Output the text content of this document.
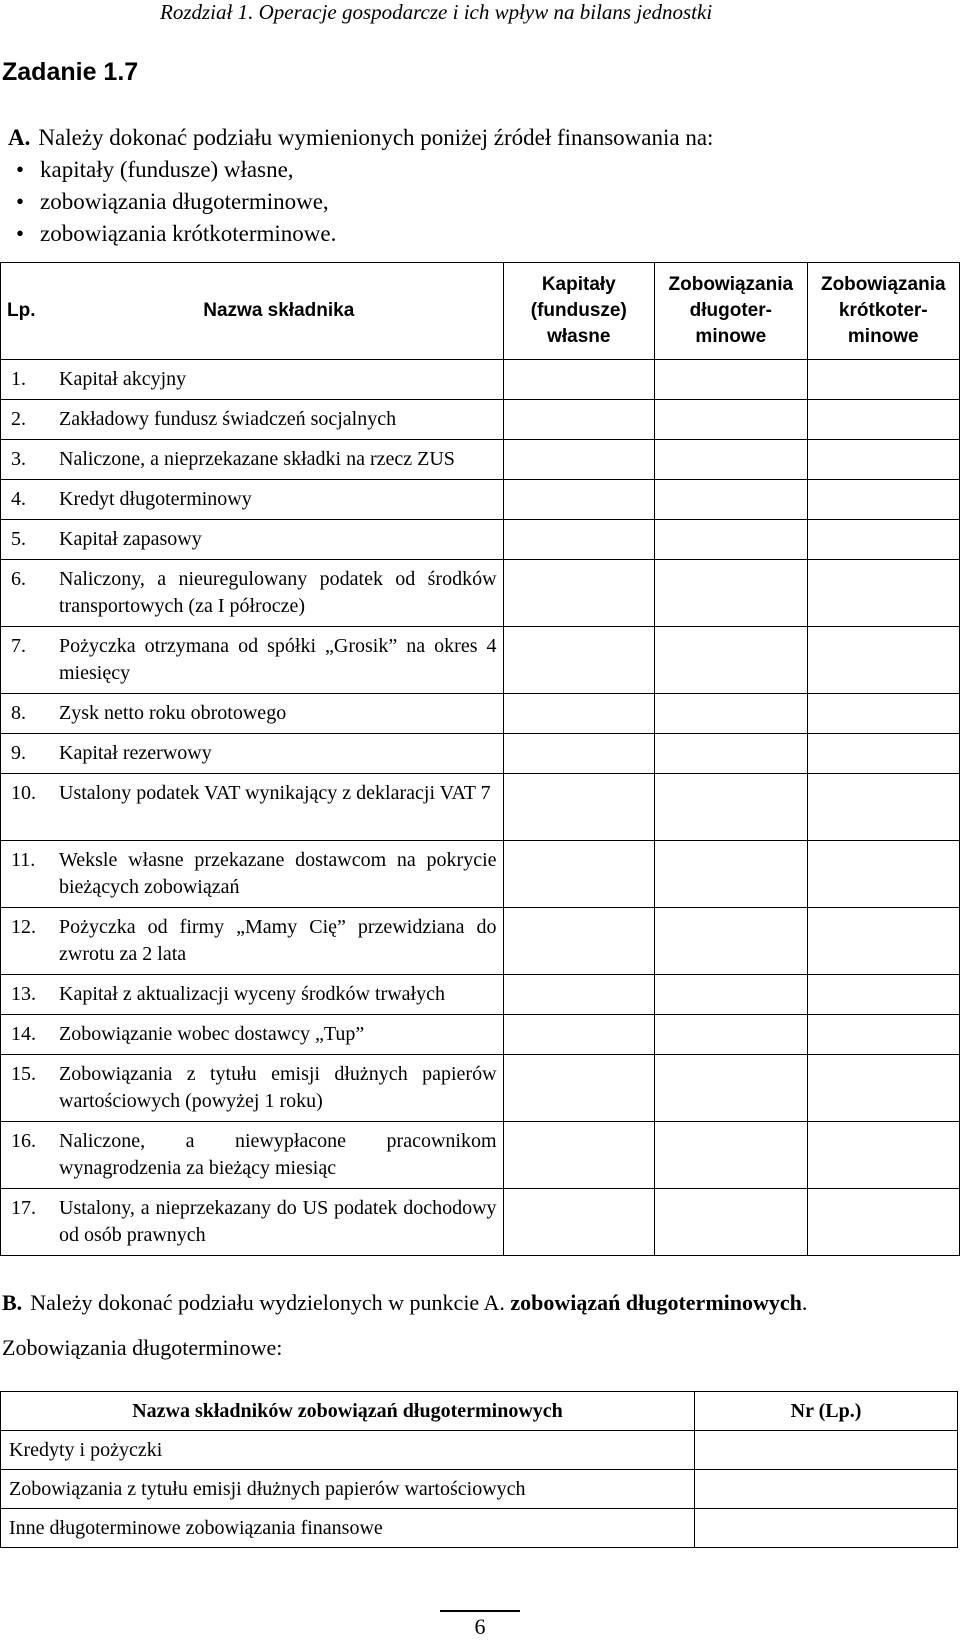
Rozdział 1. Operacje gospodarcze i ich wpływ na bilans jednostki
Zadanie 1.7
A. Należy dokonać podziału wymienionych poniżej źródeł finansowania na:
• kapitały (fundusze) własne,
• zobowiązania długoterminowe,
• zobowiązania krótkoterminowe.
Lp. Nazwa składnika	Kapitały (fundusze) własne	Zobowiązania długoter-minowe	Zobowiązania krótkoter-minowe

1. Kapitał akcyjny			

2. Zakładowy fundusz świadczeń socjalnych			

3. Naliczone, a nieprzekazane składki na rzecz ZUS			

4. Kredyt długoterminowy			

5. Kapitał zapasowy			

6. Naliczony, a nieuregulowany podatek od środków transportowych (za I półrocze)			

7. Pożyczka otrzymana od spółki „Grosik” na okres 4 miesięcy			

8. Zysk netto roku obrotowego			

9. Kapitał rezerwowy			

10. Ustalony podatek VAT wynikający z deklaracji VAT 7			

11. Weksle własne przekazane dostawcom na pokrycie bieżących zobowiązań			

12. Pożyczka od firmy „Mamy Cię” przewidziana do zwrotu za 2 lata			

13. Kapitał z aktualizacji wyceny środków trwałych			

14. Zobowiązanie wobec dostawcy „Tup”			

15. Zobowiązania z tytułu emisji dłużnych papierów wartościowych (powyżej 1 roku)			

16. Naliczone, a niewypłacone pracownikom wynagrodzenia za bieżący miesiąc			

17. Ustalony, a nieprzekazany do US podatek dochodowy od osób prawnych			

B. Należy dokonać podziału wydzielonych w punkcie A. zobowiązań długoterminowych.
Zobowiązania długoterminowe:
Nazwa składników zobowiązań długoterminowych	Nr (Lp.)
Kredyty i pożyczki	
Zobowiązania z tytułu emisji dłużnych papierów wartościowych	
Inne długoterminowe zobowiązania finansowe	
6
